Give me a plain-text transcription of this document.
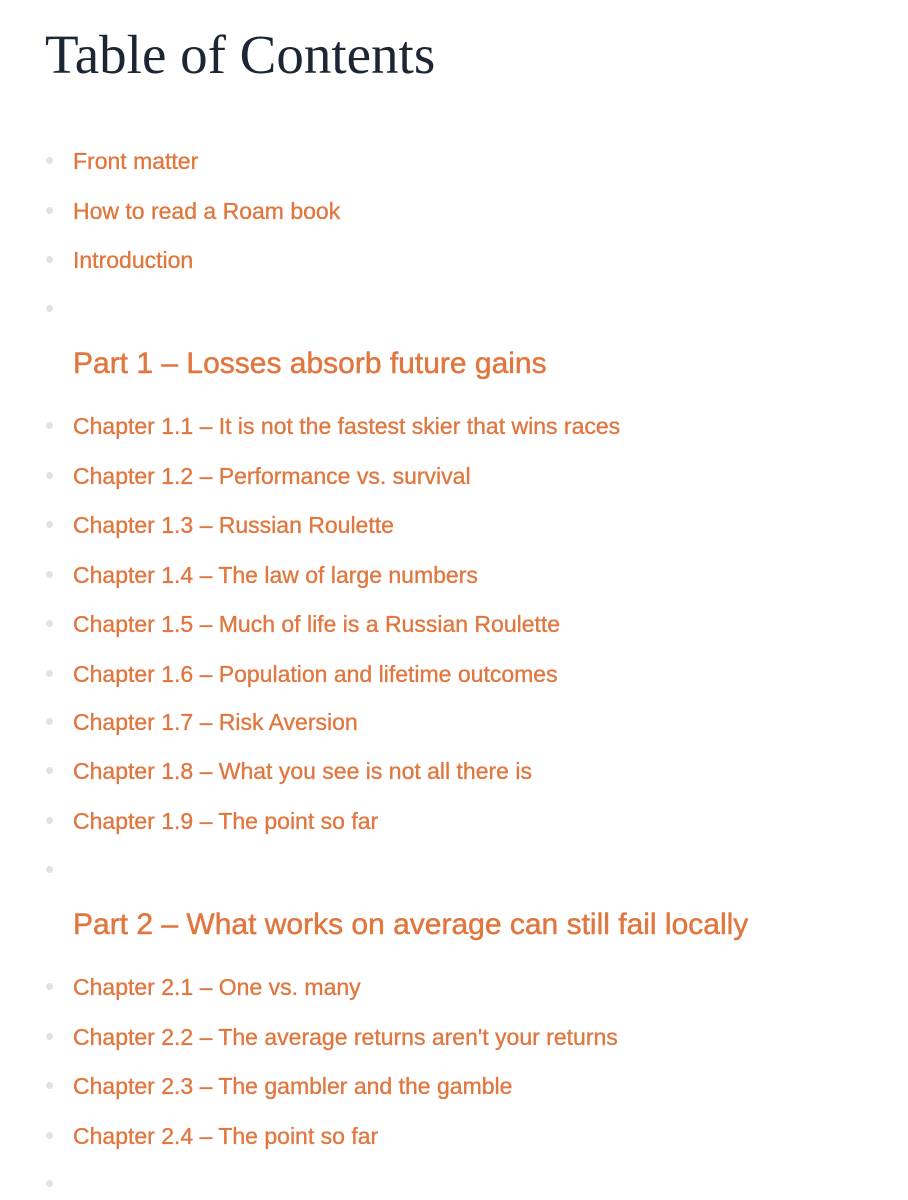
Table of Contents
Front matter
How to read a Roam book
Introduction
Part 1 – Losses absorb future gains
Chapter 1.1 – It is not the fastest skier that wins races
Chapter 1.2 – Performance vs. survival
Chapter 1.3 – Russian Roulette
Chapter 1.4 – The law of large numbers
Chapter 1.5 – Much of life is a Russian Roulette
Chapter 1.6 – Population and lifetime outcomes
Chapter 1.7 – Risk Aversion
Chapter 1.8 – What you see is not all there is
Chapter 1.9 – The point so far
Part 2 – What works on average can still fail locally
Chapter 2.1 – One vs. many
Chapter 2.2 – The average returns aren't your returns
Chapter 2.3 – The gambler and the gamble
Chapter 2.4 – The point so far
